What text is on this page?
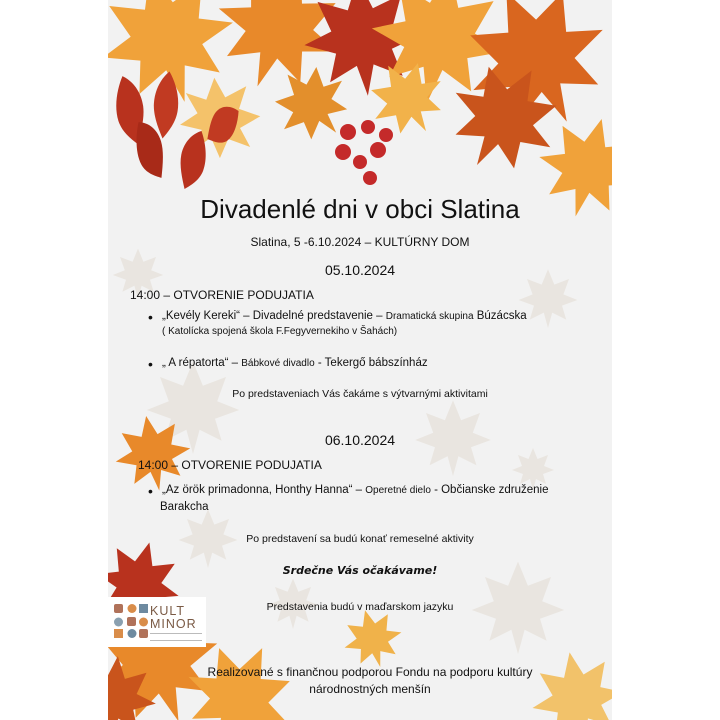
Divadenlé dni v obci Slatina
Slatina, 5 -6.10.2024 – KULTÚRNY DOM
05.10.2024
14:00 – OTVORENIE PODUJATIA
• „Kevély Kereki“ – Divadelné predstavenie – Dramatická skupina Búzácska
( Katolícka spojená škola F.Fegyvernekiho v Šahách)
• „ A répatorta“ – Bábkové divadlo - Tekergő bábszínház
Po predstaveniach Vás čakáme s výtvarnými aktivitami
06.10.2024
14:00 – OTVORENIE PODUJATIA
• „Az örök primadonna, Honthy Hanna“ – Operetné dielo - Občianske združenie
Barakcha
Po predstavení sa budú konať remeselné aktivity
Srdečne Vás očakávame!
Predstavenia budú v maďarskom jazyku
Realizované s finančnou podporou Fondu na podporu kultúry
národnostných menšín
KULT
MINOR
